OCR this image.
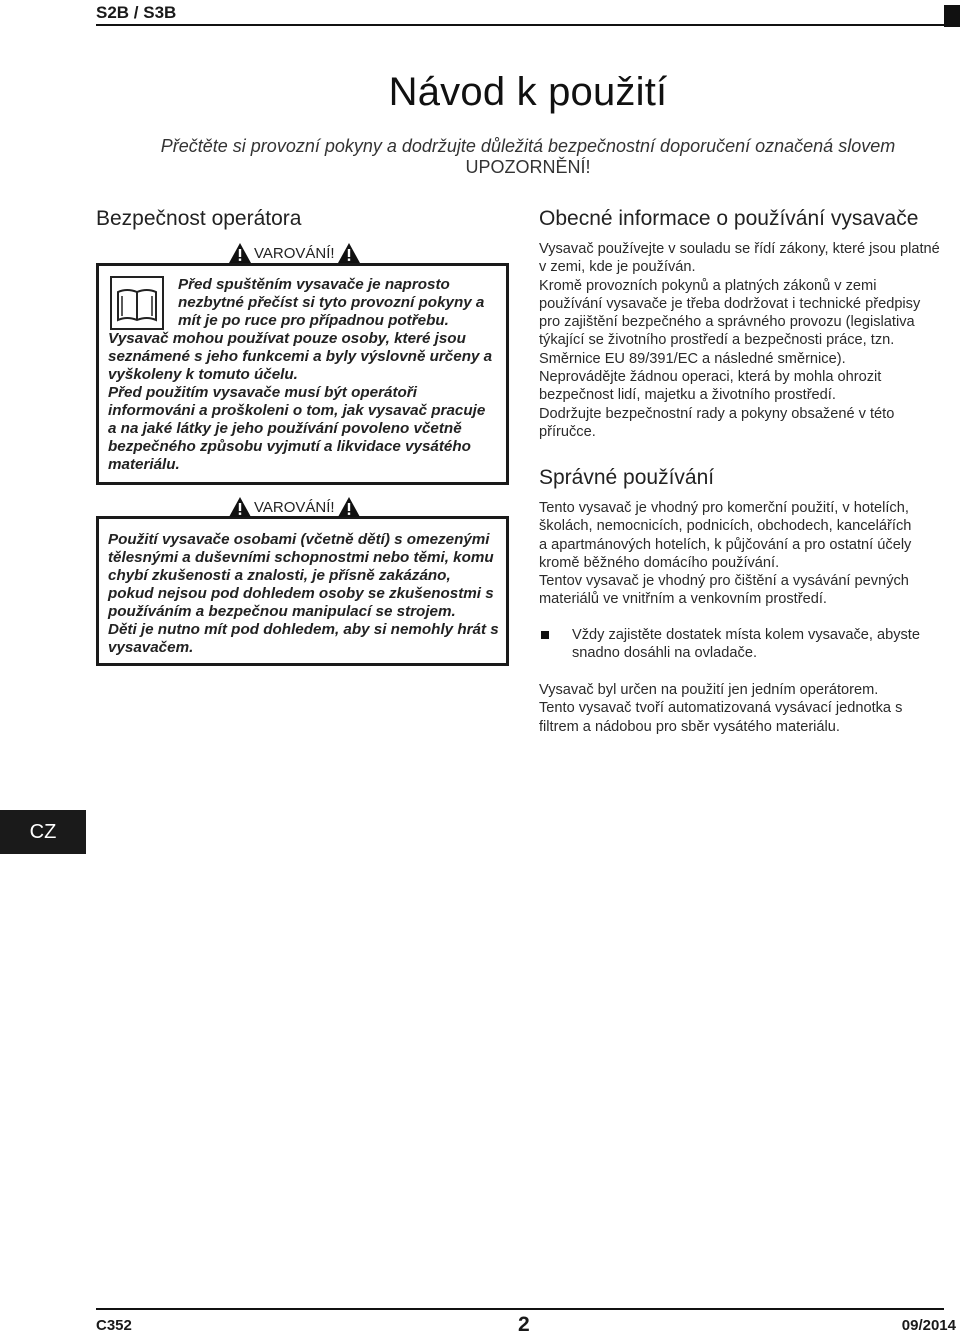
S2B / S3B
Návod k použití
Přečtěte si provozní pokyny a dodržujte důležitá bezpečnostní doporučení označená slovem
UPOZORNĚNÍ!
Bezpečnost operátora
VAROVÁNÍ!
Před spuštěním vysavače je naprosto
nezbytné přečíst si tyto provozní pokyny a
mít je po ruce pro případnou potřebu.
Vysavač mohou používat pouze osoby, které jsou
seznámené s jeho funkcemi a byly výslovně určeny a
vyškoleny k tomuto účelu.
Před použitím vysavače musí být operátoři
informováni a proškoleni o tom, jak vysavač pracuje
a na jaké látky je jeho používání povoleno včetně
bezpečného způsobu vyjmutí a likvidace vysátého
materiálu.
VAROVÁNÍ!
Použití vysavače osobami (včetně dětí) s omezenými
tělesnými a duševními schopnostmi nebo těmi, komu
chybí zkušenosti a znalosti, je přísně zakázáno,
pokud nejsou pod dohledem osoby se zkušenostmi s
používáním a bezpečnou manipulací se strojem.
Děti je nutno mít pod dohledem, aby si nemohly hrát s
vysavačem.
Obecné informace o používání vysavače

Vysavač používejte v souladu se řídí zákony, které jsou platné

v zemi, kde je používán.

Kromě provozních pokynů a platných zákonů v zemi

používání vysavače je třeba dodržovat i technické předpisy

pro zajištění bezpečného a správného provozu (legislativa

týkající se životního prostředí a bezpečnosti práce, tzn.

Směrnice EU 89/391/EC a následné směrnice).

Neprovádějte žádnou operaci, která by mohla ohrozit

bezpečnost lidí, majetku a životního prostředí.

Dodržujte bezpečnostní rady a pokyny obsažené v této

příručce.

Správné používání

Tento vysavač je vhodný pro komerční použití, v hotelích,

školách, nemocnicích, podnicích, obchodech, kancelářích

a apartmánových hotelích, k půjčování a pro ostatní účely

kromě běžného domácího používání.

Tentov vysavač je vhodný pro čištění a vysávání pevných

materiálů ve vnitřním a venkovním prostředí.

Vždy zajistěte dostatek místa kolem vysavače, abyste

snadno dosáhli na ovladače.

Vysavač byl určen na použití jen jedním operátorem.

Tento vysavač tvoří automatizovaná vysávací jednotka s

filtrem a nádobou pro sběr vysátého materiálu.

CZ
C352	2	09/2014
